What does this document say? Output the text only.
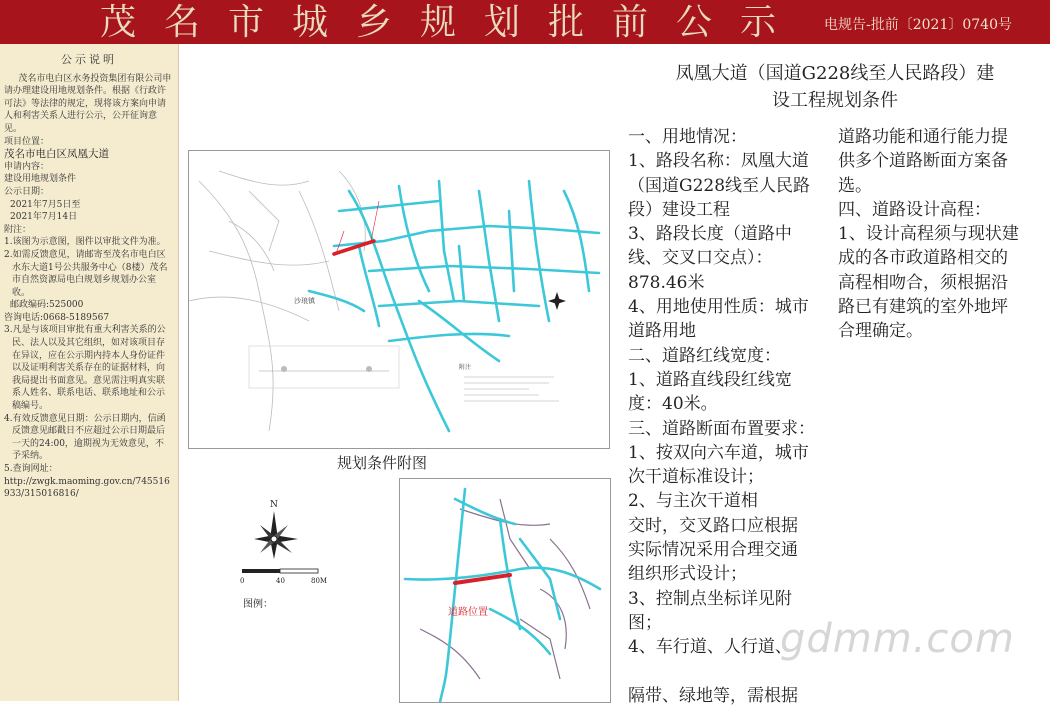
茂名市城乡规划批前公示 电规告-批前〔2021〕0740号
公示说明
茂名市电白区水务投资集团有限公司申请办理建设用地规划条件。根据《行政许可法》等法律的规定，现将该方案向申请人和利害关系人进行公示，公开征询意见。
项目位置：
茂名市电白区凤凰大道
申请内容：
建设用地规划条件
公示日期：
2021年7月5日至
2021年7月14日
附注：
1.该图为示意图，图件以审批文件为准。
2.如需反馈意见，请邮寄至茂名市电白区水东大道1号公共服务中心（8楼）茂名市自然资源局电白规划乡规划办公室收。
邮政编码:525000
咨询电话:0668-5189567
3.凡是与该项目审批有重大利害关系的公民、法人以及其它组织，如对该项目存在异议，应在公示期内持本人身份证件以及证明利害关系存在的证据材料，向我局提出书面意见。意见需注明真实联系人姓名、联系电话、联系地址和公示稿编号。
4.有效反馈意见日期：公示日期内，信函反馈意见邮戳日不应超过公示日期最后一天的24:00，逾期视为无效意见，不予采纳。
5.查询网址：
http://zwgk.maoming.gov.cn/745516933/315016816/
沙琅镇
附注
规划条件附图
N
0	40	80M
图例：
道路位置
凤凰大道（国道G228线至人民路段）建
设工程规划条件
一、用地情况：
1、路段名称：凤凰大道
（国道G228线至人民路
段）建设工程
3、路段长度（道路中
线、交叉口交点）：
878.46米
4、用地使用性质：城市
道路用地
二、道路红线宽度：
1、道路直线段红线宽
度：40米。
三、道路断面布置要求：
1、按双向六车道，城市
次干道标准设计；
2、与主次干道相
交时，交叉路口应根据
实际情况采用合理交通
组织形式设计；
3、控制点坐标详见附
图；
4、车行道、人行道、

隔带、绿地等，需根据
道路功能和通行能力提
供多个道路断面方案备
选。
四、道路设计高程：
1、设计高程须与现状建
成的各市政道路相交的
高程相吻合，须根据沿
路已有建筑的室外地坪
合理确定。
gdmm.com
